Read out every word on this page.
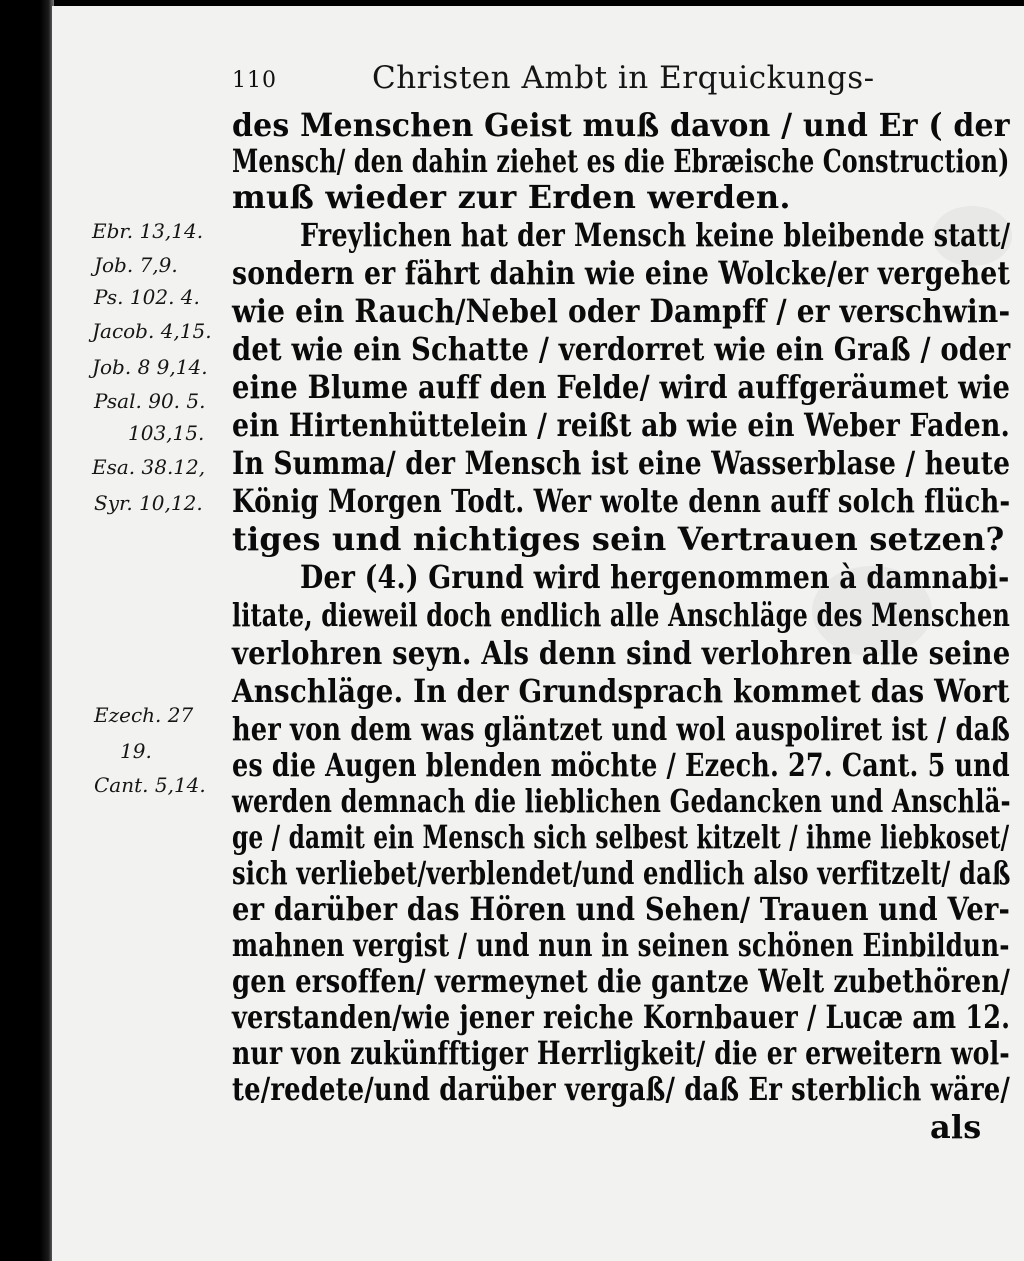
110	Christen Ambt in Erquickungs-
Ebr. 13,14.
Job. 7,9.
Ps. 102. 4.
Jacob. 4,15.
Job. 8 9,14.
Psal. 90. 5.
103,15.
Esa. 38.12,
Syr. 10,12.
Ezech. 27
19.
Cant. 5,14.
des Menschen Geist muß davon / und Er ( der
Mensch/ den dahin ziehet es die Ebræische Construction)
muß wieder zur Erden werden.
Freylichen hat der Mensch keine bleibende statt/
sondern er fährt dahin wie eine Wolcke/er vergehet
wie ein Rauch/Nebel oder Dampff / er verschwin-
det wie ein Schatte / verdorret wie ein Graß / oder
eine Blume auff den Felde/ wird auffgeräumet wie
ein Hirtenhüttelein / reißt ab wie ein Weber Faden.
In Summa/ der Mensch ist eine Wasserblase / heute
König Morgen Todt. Wer wolte denn auff solch flüch-
tiges und nichtiges sein Vertrauen setzen?
Der (4.) Grund wird hergenommen à damnabi-
litate, dieweil doch endlich alle Anschläge des Menschen
verlohren seyn. Als denn sind verlohren alle seine
Anschläge. In der Grundsprach kommet das Wort
her von dem was gläntzet und wol auspoliret ist / daß
es die Augen blenden möchte / Ezech. 27. Cant. 5 und
werden demnach die lieblichen Gedancken und Anschlä-
ge / damit ein Mensch sich selbest kitzelt / ihme liebkoset/
sich verliebet/verblendet/und endlich also verfitzelt/ daß
er darüber das Hören und Sehen/ Trauen und Ver-
mahnen vergist / und nun in seinen schönen Einbildun-
gen ersoffen/ vermeynet die gantze Welt zubethören/
verstanden/wie jener reiche Kornbauer / Lucæ am 12.
nur von zukünfftiger Herrligkeit/ die er erweitern wol-
te/redete/und darüber vergaß/ daß Er sterblich wäre/
als
